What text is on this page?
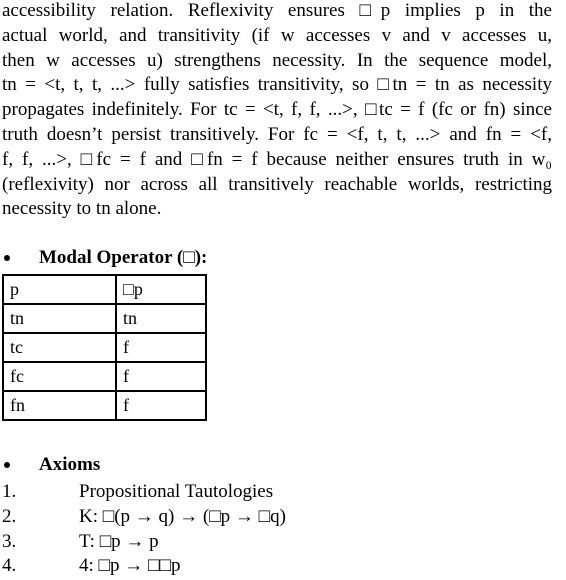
accessibility relation. Reflexivity ensures □p implies p in the
actual world, and transitivity (if w accesses v and v accesses u,
then w accesses u) strengthens necessity. In the sequence model,
tn = <t, t, t, ...> fully satisfies transitivity, so □tn = tn as necessity
propagates indefinitely. For tc = <t, f, f, ...>, □tc = f (fc or fn) since
truth doesn’t persist transitively. For fc = <f, t, t, ...> and fn = <f,
f, f, ...>, □fc = f and □fn = f because neither ensures truth in w₀
(reflexivity) nor across all transitively reachable worlds, restricting
necessity to tn alone.
Modal Operator (□):
p	□p
tn	tn
tc	f
fc	f
fn	f
Axioms
1.	Propositional Tautologies
2.	K: □(p → q) → (□p → □q)
3.	T: □p → p
4.	4: □p → □□p
